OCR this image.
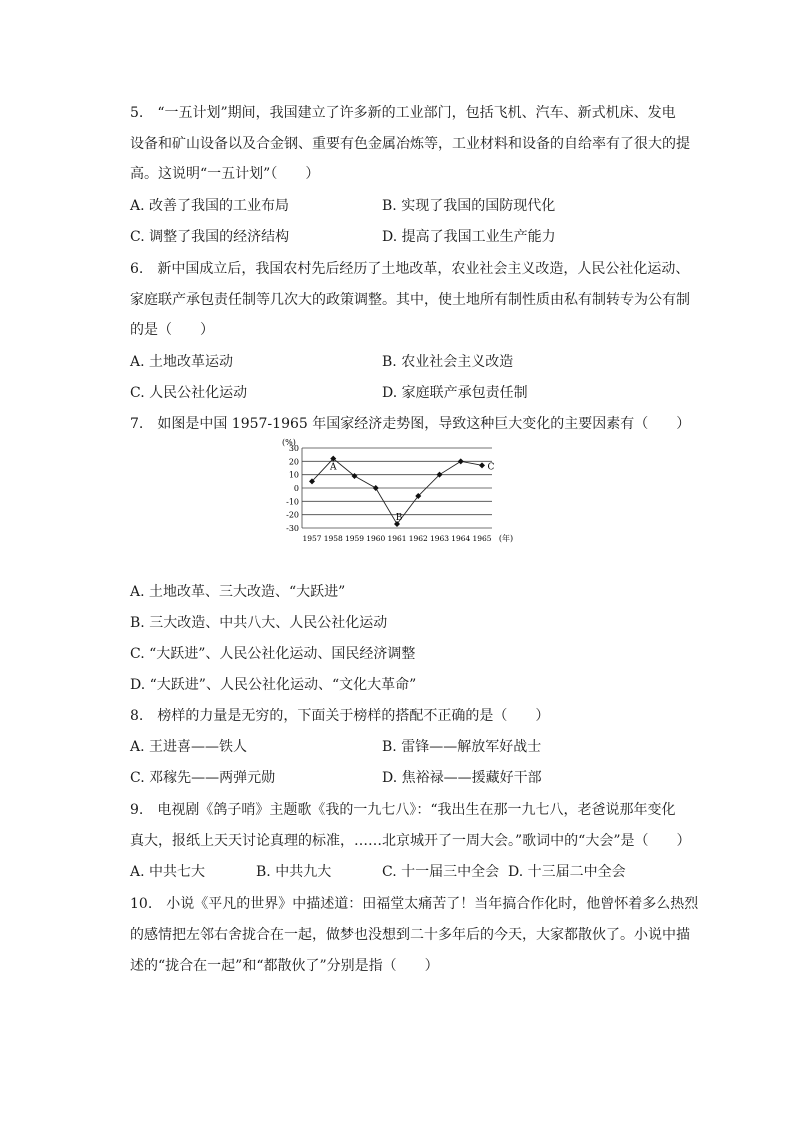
5.　“一五计划”期间，我国建立了许多新的工业部门，包括飞机、汽车、新式机床、发电
设备和矿山设备以及合金钢、重要有色金属冶炼等，工业材料和设备的自给率有了很大的提
高。这说明“一五计划”（　　）
A. 改善了我国的工业布局	B. 实现了我国的国防现代化
C. 调整了我国的经济结构	D. 提高了我国工业生产能力
6.　新中国成立后，我国农村先后经历了土地改革，农业社会主义改造，人民公社化运动、
家庭联产承包责任制等几次大的政策调整。其中，使土地所有制性质由私有制转专为公有制
的是（　　）
A. 土地改革运动	B. 农业社会主义改造
C. 人民公社化运动	D. 家庭联产承包责任制
7.　如图是中国 1957-1965 年国家经济走势图，导致这种巨大变化的主要因素有（　　）
(%)
30
20
10
0
-10
-20
-30
A
B
C
1957 1958 1959 1960 1961 1962 1963 1964 1965 (年)
A. 土地改革、三大改造、“大跃进”
B. 三大改造、中共八大、人民公社化运动
C. “大跃进”、人民公社化运动、国民经济调整
D. “大跃进”、人民公社化运动、“文化大革命”
8.　榜样的力量是无穷的，下面关于榜样的搭配不正确的是（　　）
A. 王进喜——铁人	B. 雷锋——解放军好战士
C. 邓稼先——两弹元勋	D. 焦裕禄——援藏好干部
9.　电视剧《鸽子哨》主题歌《我的一九七八》：“我出生在那一九七八，老爸说那年变化
真大，报纸上天天讨论真理的标准，……北京城开了一周大会。”歌词中的“大会”是（　　）
A. 中共七大	B. 中共九大	C. 十一届三中全会 D. 十三届二中全会
10.　小说《平凡的世界》中描述道：田福堂太痛苦了！当年搞合作化时，他曾怀着多么热烈
的感情把左邻右舍拢合在一起，做梦也没想到二十多年后的今天，大家都散伙了。小说中描
述的“拢合在一起”和“都散伙了”分别是指（　　）
